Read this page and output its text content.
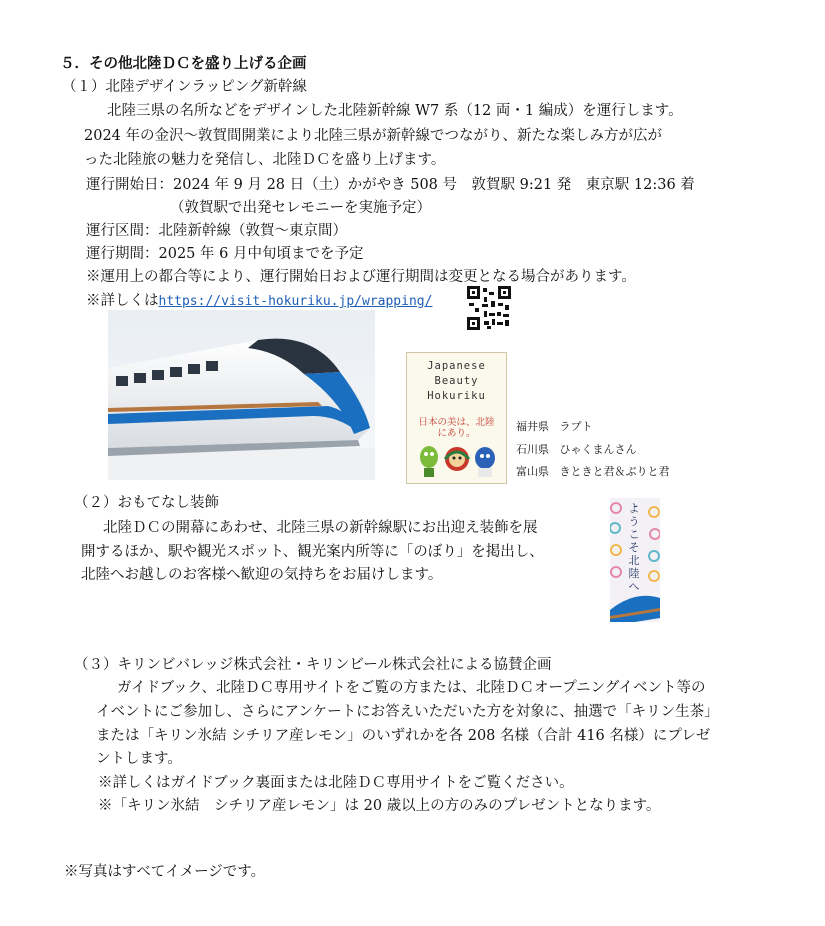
５．その他北陸ＤＣを盛り上げる企画
（１）北陸デザインラッピング新幹線
北陸三県の名所などをデザインした北陸新幹線 W7 系（12 両・1 編成）を運行します。
2024 年の金沢～敦賀間開業により北陸三県が新幹線でつながり、新たな楽しみ方が広が
った北陸旅の魅力を発信し、北陸ＤＣを盛り上げます。
運行開始日：2024 年 9 月 28 日（土）かがやき 508 号　敦賀駅 9:21 発　東京駅 12:36 着
（敦賀駅で出発セレモニーを実施予定）
運行区間：北陸新幹線（敦賀～東京間）
運行期間：2025 年 6 月中旬頃までを予定
※運用上の都合等により、運行開始日および運行期間は変更となる場合があります。
※詳しくはhttps://visit-hokuriku.jp/wrapping/
Japanese
Beauty
Hokuriku
日本の美は、北陸にあり。
福井県 ラプト
石川県 ひゃくまんさん
富山県 きときと君＆ぶりと君
（２）おもてなし装飾
北陸ＤＣの開幕にあわせ、北陸三県の新幹線駅にお出迎え装飾を展
開するほか、駅や観光スポット、観光案内所等に「のぼり」を掲出し、
北陸へお越しのお客様へ歓迎の気持ちをお届けします。
ようこそ北陸へ
（３）キリンビバレッジ株式会社・キリンビール株式会社による協賛企画
ガイドブック、北陸ＤＣ専用サイトをご覧の方または、北陸ＤＣオープニングイベント等の
イベントにご参加し、さらにアンケートにお答えいただいた方を対象に、抽選で「キリン生茶」
または「キリン氷結 シチリア産レモン」のいずれかを各 208 名様（合計 416 名様）にプレゼ
ントします。
※詳しくはガイドブック裏面または北陸ＤＣ専用サイトをご覧ください。
※「キリン氷結　シチリア産レモン」は 20 歳以上の方のみのプレゼントとなります。
※写真はすべてイメージです。
